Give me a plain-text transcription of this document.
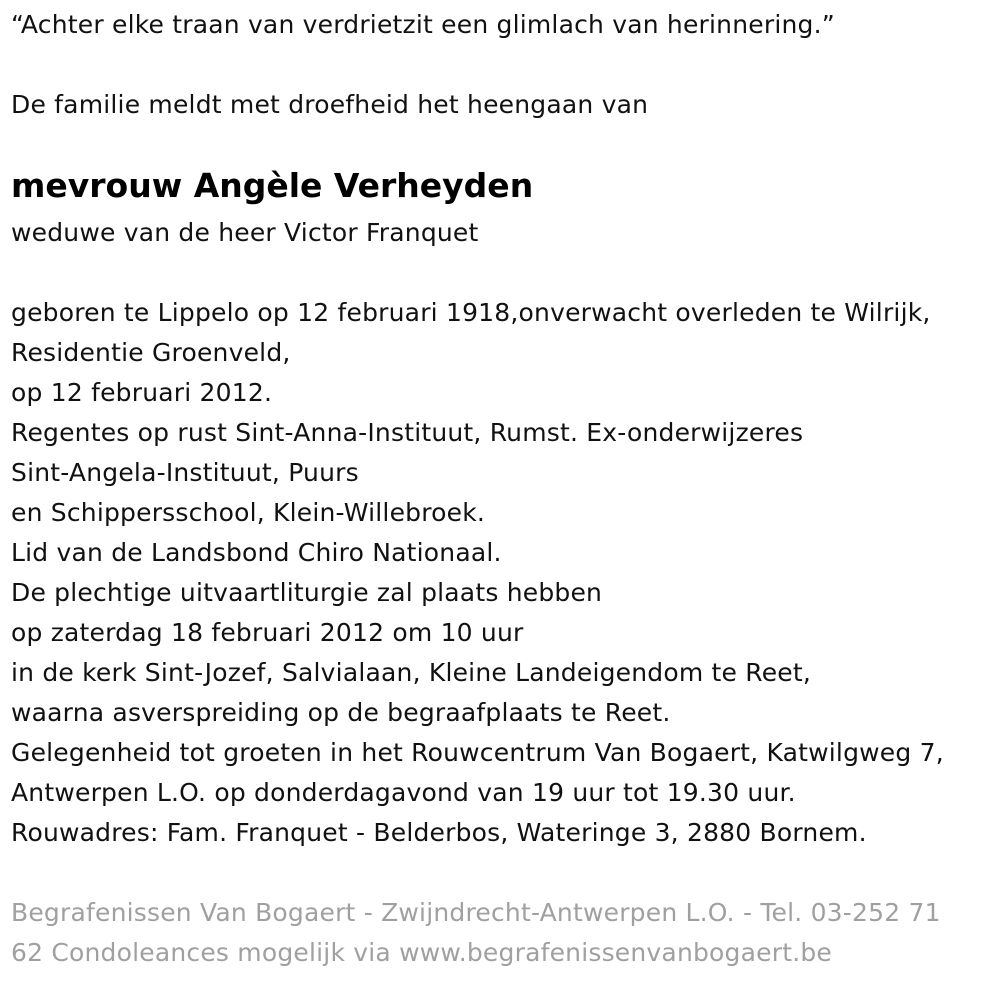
“Achter elke traan van verdrietzit een glimlach van herinnering.”
De familie meldt met droefheid het heengaan van
mevrouw Angèle Verheyden
weduwe van de heer Victor Franquet
geboren te Lippelo op 12 februari 1918,onverwacht overleden te Wilrijk,
Residentie Groenveld,
op 12 februari 2012.
Regentes op rust Sint-Anna-Instituut, Rumst. Ex-onderwijzeres
Sint-Angela-Instituut, Puurs
en Schippersschool, Klein-Willebroek.
Lid van de Landsbond Chiro Nationaal.
De plechtige uitvaartliturgie zal plaats hebben
op zaterdag 18 februari 2012 om 10 uur
in de kerk Sint-Jozef, Salvialaan, Kleine Landeigendom te Reet,
waarna asverspreiding op de begraafplaats te Reet.
Gelegenheid tot groeten in het Rouwcentrum Van Bogaert, Katwilgweg 7,
Antwerpen L.O. op donderdagavond van 19 uur tot 19.30 uur.
Rouwadres: Fam. Franquet - Belderbos, Wateringe 3, 2880 Bornem.
Begrafenissen Van Bogaert - Zwijndrecht-Antwerpen L.O. - Tel. 03-252 71
62 Condoleances mogelijk via www.begrafenissenvanbogaert.be
